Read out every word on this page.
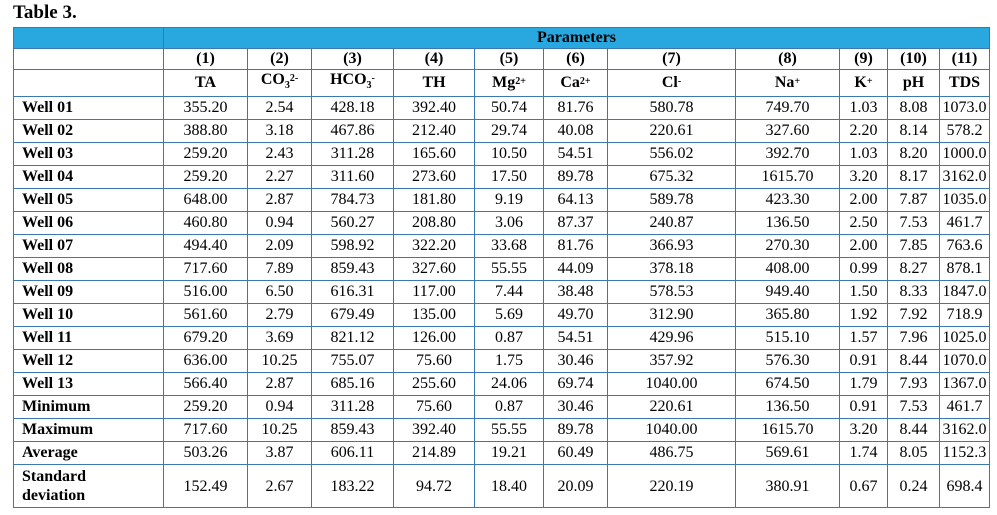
Table 3.
	Parameters										
	(1)	(2)	(3)	(4)	(5)	(6)	(7)	(8)	(9)	(10)	(11)
	TA	$CO_3^{2-}$	$HCO_3^-$	TH	$Mg^{2+}$	$Ca^{2+}$	Cl-	Na+	K+	pH	TDS
Well 01	355.20	2.54	428.18	392.40	50.74	81.76	580.78	749.70	1.03	8.08	1073.0
Well 02	388.80	3.18	467.86	212.40	29.74	40.08	220.61	327.60	2.20	8.14	578.2
Well 03	259.20	2.43	311.28	165.60	10.50	54.51	556.02	392.70	1.03	8.20	1000.0
Well 04	259.20	2.27	311.60	273.60	17.50	89.78	675.32	1615.70	3.20	8.17	3162.0
Well 05	648.00	2.87	784.73	181.80	9.19	64.13	589.78	423.30	2.00	7.87	1035.0
Well 06	460.80	0.94	560.27	208.80	3.06	87.37	240.87	136.50	2.50	7.53	461.7
Well 07	494.40	2.09	598.92	322.20	33.68	81.76	366.93	270.30	2.00	7.85	763.6
Well 08	717.60	7.89	859.43	327.60	55.55	44.09	378.18	408.00	0.99	8.27	878.1
Well 09	516.00	6.50	616.31	117.00	7.44	38.48	578.53	949.40	1.50	8.33	1847.0
Well 10	561.60	2.79	679.49	135.00	5.69	49.70	312.90	365.80	1.92	7.92	718.9
Well 11	679.20	3.69	821.12	126.00	0.87	54.51	429.96	515.10	1.57	7.96	1025.0
Well 12	636.00	10.25	755.07	75.60	1.75	30.46	357.92	576.30	0.91	8.44	1070.0
Well 13	566.40	2.87	685.16	255.60	24.06	69.74	1040.00	674.50	1.79	7.93	1367.0
Minimum	259.20	0.94	311.28	75.60	0.87	30.46	220.61	136.50	0.91	7.53	461.7
Maximum	717.60	10.25	859.43	392.40	55.55	89.78	1040.00	1615.70	3.20	8.44	3162.0
Average	503.26	3.87	606.11	214.89	19.21	60.49	486.75	569.61	1.74	8.05	1152.3
Standard
deviation	152.49	2.67	183.22	94.72	18.40	20.09	220.19	380.91	0.67	0.24	698.4
